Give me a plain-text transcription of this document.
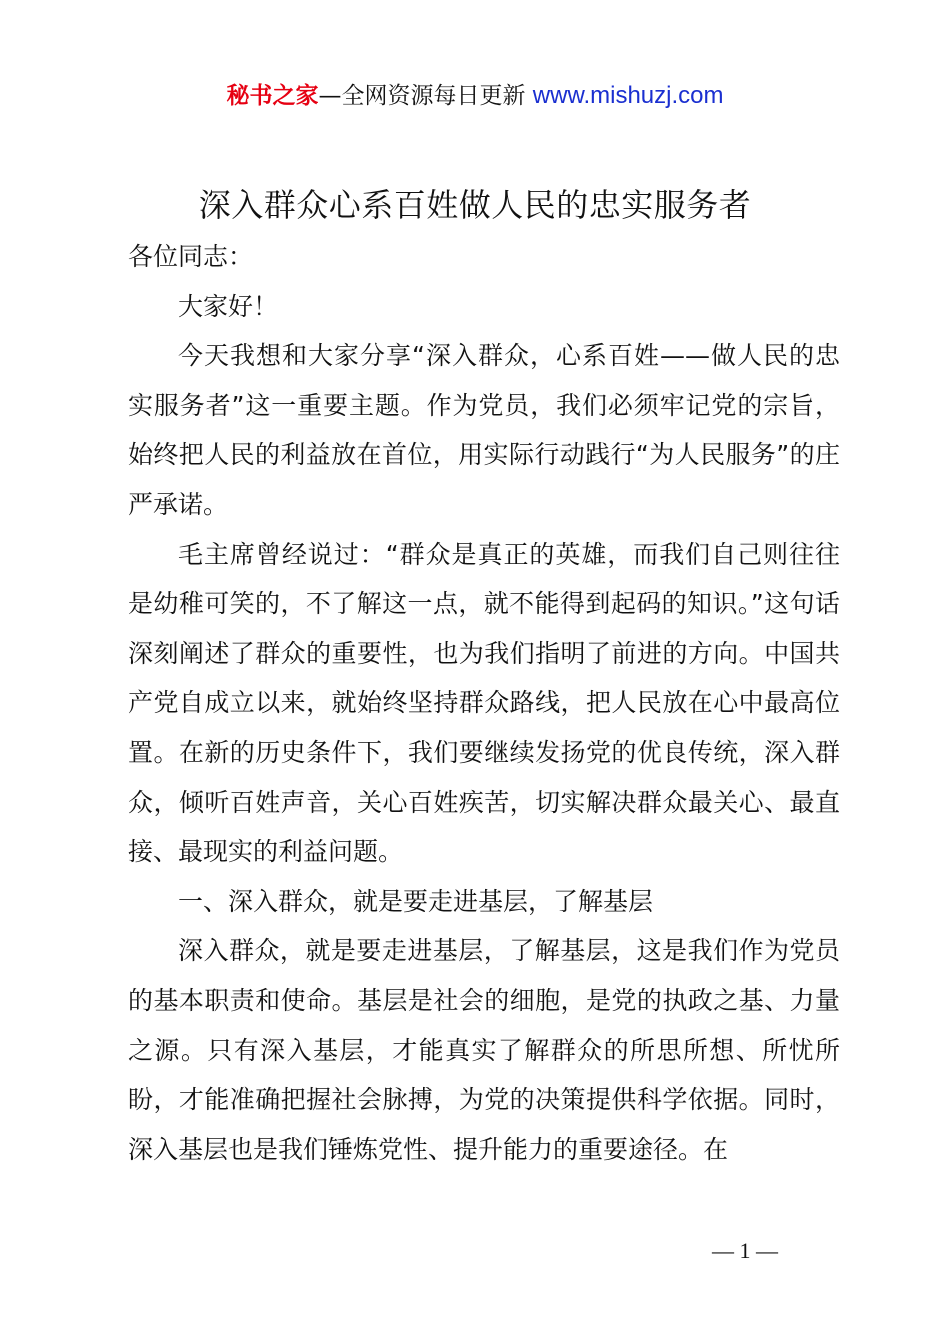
秘书之家—全网资源每日更新 www.mishuzj.com
深入群众心系百姓做人民的忠实服务者

各位同志：

大家好！

今天我想和大家分享“深入群众，心系百姓——做人民的忠实服务者”这一重要主题。作为党员，我们必须牢记党的宗旨，始终把人民的利益放在首位，用实际行动践行“为人民服务”的庄严承诺。

毛主席曾经说过：“群众是真正的英雄，而我们自己则往往是幼稚可笑的，不了解这一点，就不能得到起码的知识。”这句话深刻阐述了群众的重要性，也为我们指明了前进的方向。中国共产党自成立以来，就始终坚持群众路线，把人民放在心中最高位置。在新的历史条件下，我们要继续发扬党的优良传统，深入群众，倾听百姓声音，关心百姓疾苦，切实解决群众最关心、最直接、最现实的利益问题。

一、深入群众，就是要走进基层，了解基层

深入群众，就是要走进基层，了解基层，这是我们作为党员的基本职责和使命。基层是社会的细胞，是党的执政之基、力量之源。只有深入基层，才能真实了解群众的所思所想、所忧所盼，才能准确把握社会脉搏，为党的决策提供科学依据。同时，深入基层也是我们锤炼党性、提升能力的重要途径。在

— 1 —
